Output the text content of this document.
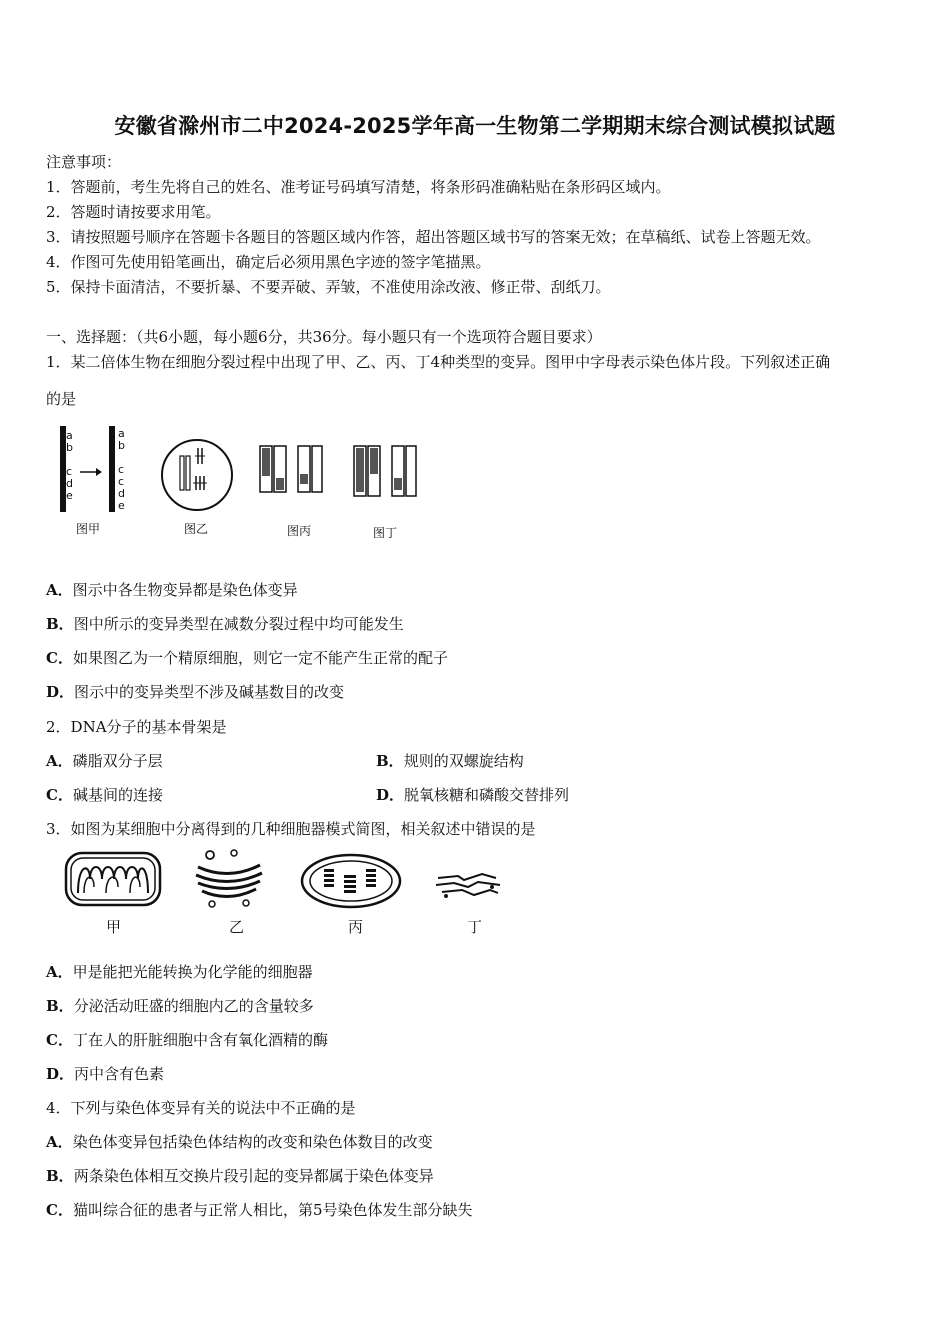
安徽省滁州市二中2024-2025学年高一生物第二学期期末综合测试模拟试题
注意事项：
1．答题前，考生先将自己的姓名、准考证号码填写清楚，将条形码准确粘贴在条形码区域内。
2．答题时请按要求用笔。
3．请按照题号顺序在答题卡各题目的答题区域内作答，超出答题区域书写的答案无效；在草稿纸、试卷上答题无效。
4．作图可先使用铅笔画出，确定后必须用黑色字迹的签字笔描黑。
5．保持卡面清洁，不要折暴、不要弄破、弄皱，不准使用涂改液、修正带、刮纸刀。
一、选择题：（共6小题，每小题6分，共36分。每小题只有一个选项符合题目要求）
1．某二倍体生物在细胞分裂过程中出现了甲、乙、丙、丁4种类型的变异。图甲中字母表示染色体片段。下列叙述正确
的是
a
b
c
d
e
a
b
c
c
d
e
图甲	图乙	图丙	图丁
A．图示中各生物变异都是染色体变异
B．图中所示的变异类型在减数分裂过程中均可能发生
C．如果图乙为一个精原细胞，则它一定不能产生正常的配子
D．图示中的变异类型不涉及碱基数目的改变
2．DNA分子的基本骨架是
A．磷脂双分子层	B．规则的双螺旋结构
C．碱基间的连接	D．脱氧核糖和磷酸交替排列
3．如图为某细胞中分离得到的几种细胞器模式简图，相关叙述中错误的是
甲	乙	丙	丁
A．甲是能把光能转换为化学能的细胞器
B．分泌活动旺盛的细胞内乙的含量较多
C．丁在人的肝脏细胞中含有氧化酒精的酶
D．丙中含有色素
4．下列与染色体变异有关的说法中不正确的是
A．染色体变异包括染色体结构的改变和染色体数目的改变
B．两条染色体相互交换片段引起的变异都属于染色体变异
C．猫叫综合征的患者与正常人相比，第5号染色体发生部分缺失
